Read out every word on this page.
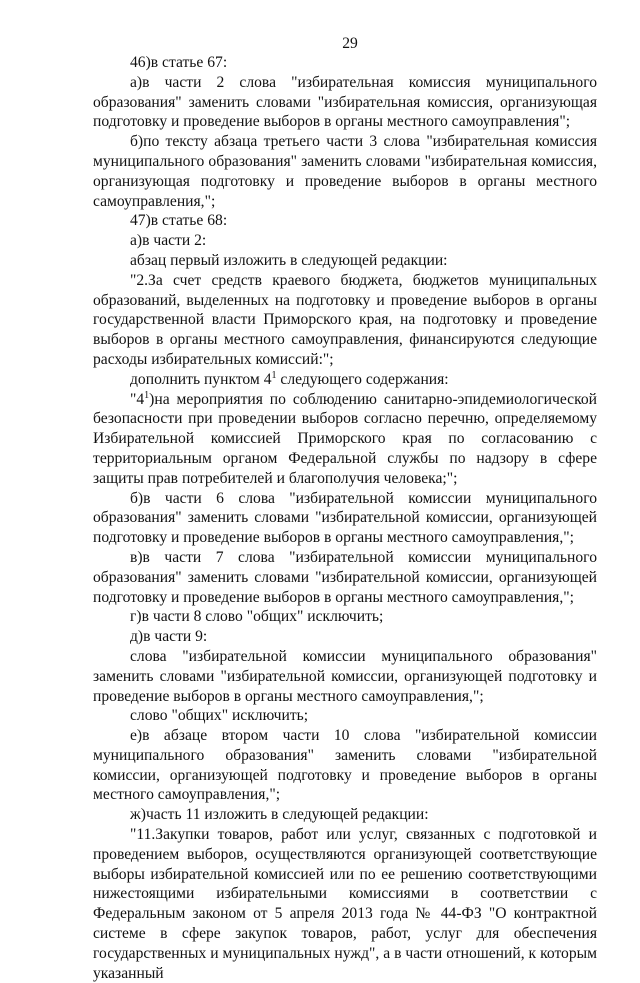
29

46)в статье 67:

а)в части 2 слова "избирательная комиссия муниципального образования" заменить словами "избирательная комиссия, организующая подготовку и проведение выборов в органы местного самоуправления";

б)по тексту абзаца третьего части 3 слова "избирательная комиссия муниципального образования" заменить словами "избирательная комиссия, организующая подготовку и проведение выборов в органы местного самоуправления,";

47)в статье 68:

а)в части 2:

абзац первый изложить в следующей редакции:

"2.За счет средств краевого бюджета, бюджетов муниципальных образований, выделенных на подготовку и проведение выборов в органы государственной власти Приморского края, на подготовку и проведение выборов в органы местного самоуправления, финансируются следующие расходы избирательных комиссий:";

дополнить пунктом $4^1$ следующего содержания:

"$4^1)на$ мероприятия по соблюдению санитарно-эпидемиологической безопасности при проведении выборов согласно перечню, определяемому Избирательной комиссией Приморского края по согласованию с территориальным органом Федеральной службы по надзору в сфере защиты прав потребителей и благополучия человека;";

б)в части 6 слова "избирательной комиссии муниципального образования" заменить словами "избирательной комиссии, организующей подготовку и проведение выборов в органы местного самоуправления,";

в)в части 7 слова "избирательной комиссии муниципального образования" заменить словами "избирательной комиссии, организующей подготовку и проведение выборов в органы местного самоуправления,";

г)в части 8 слово "общих" исключить;

д)в части 9:

слова "избирательной комиссии муниципального образования" заменить словами "избирательной комиссии, организующей подготовку и проведение выборов в органы местного самоуправления,";

слово "общих" исключить;

е)в абзаце втором части 10 слова "избирательной комиссии муниципального образования" заменить словами "избирательной комиссии, организующей подготовку и проведение выборов в органы местного самоуправления,";

ж)часть 11 изложить в следующей редакции:

"11.Закупки товаров, работ или услуг, связанных с подготовкой и проведением выборов, осуществляются организующей соответствующие выборы избирательной комиссией или по ее решению соответствующими нижестоящими избирательными комиссиями в соответствии с Федеральным законом от 5 апреля 2013 года № 44-ФЗ "О контрактной системе в сфере закупок товаров, работ, услуг для обеспечения государственных и муниципальных нужд", а в части отношений, к которым указанный
